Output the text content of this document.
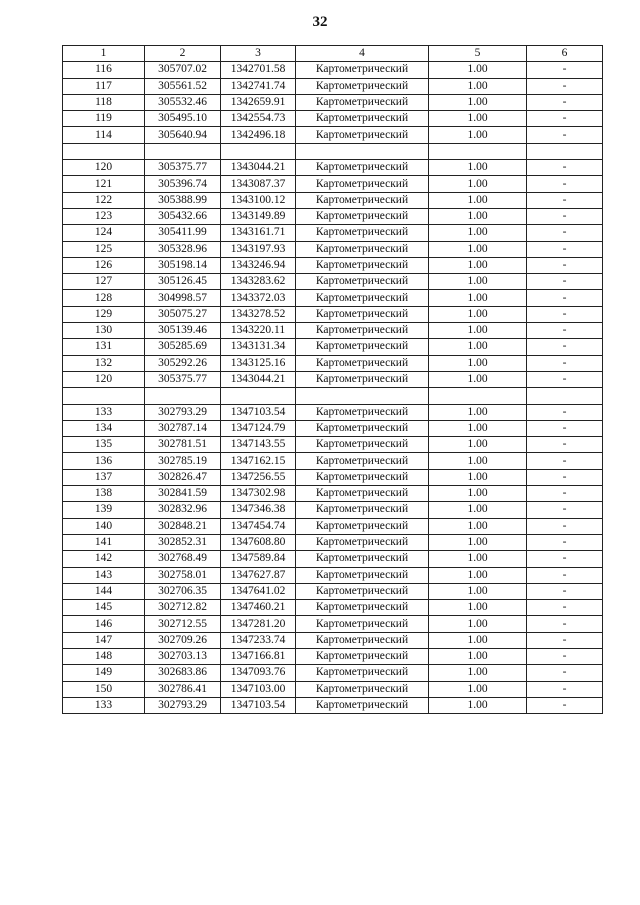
32
1	2	3	4	5	6
116	305707.02	1342701.58	Картометрический	1.00	-
117	305561.52	1342741.74	Картометрический	1.00	-
118	305532.46	1342659.91	Картометрический	1.00	-
119	305495.10	1342554.73	Картометрический	1.00	-
114	305640.94	1342496.18	Картометрический	1.00	-

120	305375.77	1343044.21	Картометрический	1.00	-
121	305396.74	1343087.37	Картометрический	1.00	-
122	305388.99	1343100.12	Картометрический	1.00	-
123	305432.66	1343149.89	Картометрический	1.00	-
124	305411.99	1343161.71	Картометрический	1.00	-
125	305328.96	1343197.93	Картометрический	1.00	-
126	305198.14	1343246.94	Картометрический	1.00	-
127	305126.45	1343283.62	Картометрический	1.00	-
128	304998.57	1343372.03	Картометрический	1.00	-
129	305075.27	1343278.52	Картометрический	1.00	-
130	305139.46	1343220.11	Картометрический	1.00	-
131	305285.69	1343131.34	Картометрический	1.00	-
132	305292.26	1343125.16	Картометрический	1.00	-
120	305375.77	1343044.21	Картометрический	1.00	-

133	302793.29	1347103.54	Картометрический	1.00	-
134	302787.14	1347124.79	Картометрический	1.00	-
135	302781.51	1347143.55	Картометрический	1.00	-
136	302785.19	1347162.15	Картометрический	1.00	-
137	302826.47	1347256.55	Картометрический	1.00	-
138	302841.59	1347302.98	Картометрический	1.00	-
139	302832.96	1347346.38	Картометрический	1.00	-
140	302848.21	1347454.74	Картометрический	1.00	-
141	302852.31	1347608.80	Картометрический	1.00	-
142	302768.49	1347589.84	Картометрический	1.00	-
143	302758.01	1347627.87	Картометрический	1.00	-
144	302706.35	1347641.02	Картометрический	1.00	-
145	302712.82	1347460.21	Картометрический	1.00	-
146	302712.55	1347281.20	Картометрический	1.00	-
147	302709.26	1347233.74	Картометрический	1.00	-
148	302703.13	1347166.81	Картометрический	1.00	-
149	302683.86	1347093.76	Картометрический	1.00	-
150	302786.41	1347103.00	Картометрический	1.00	-
133	302793.29	1347103.54	Картометрический	1.00	-
